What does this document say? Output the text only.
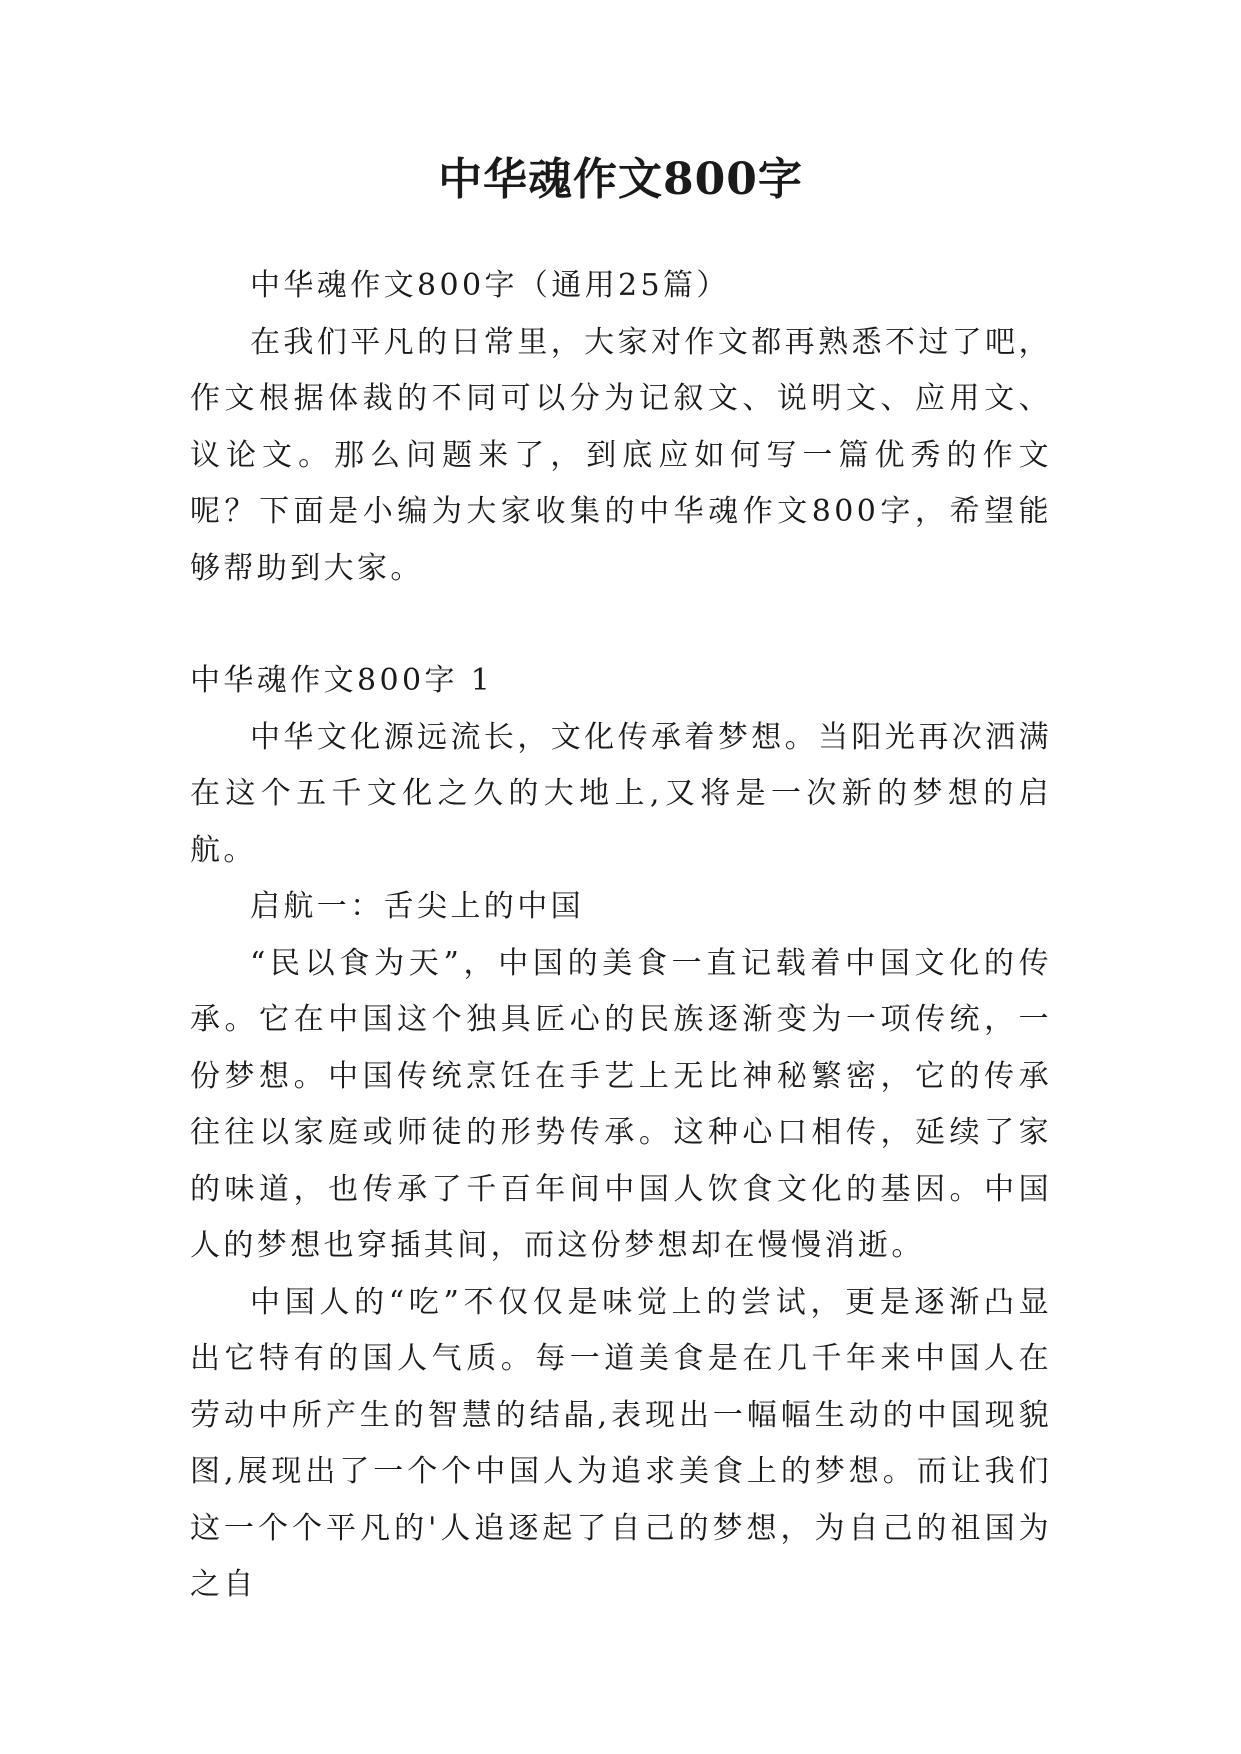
中华魂作文800字

中华魂作文800字（通用25篇）

在我们平凡的日常里，大家对作文都再熟悉不过了吧，作文根据体裁的不同可以分为记叙文、说明文、应用文、议论文。那么问题来了，到底应如何写一篇优秀的作文呢？下面是小编为大家收集的中华魂作文800字，希望能够帮助到大家。

中华魂作文800字 1

中华文化源远流长，文化传承着梦想。当阳光再次洒满在这个五千文化之久的大地上,又将是一次新的梦想的启航。

启航一：舌尖上的中国

“民以食为天”，中国的美食一直记载着中国文化的传承。它在中国这个独具匠心的民族逐渐变为一项传统，一份梦想。中国传统烹饪在手艺上无比神秘繁密，它的传承往往以家庭或师徒的形势传承。这种心口相传，延续了家的味道，也传承了千百年间中国人饮食文化的基因。中国人的梦想也穿插其间，而这份梦想却在慢慢消逝。

中国人的“吃”不仅仅是味觉上的尝试，更是逐渐凸显出它特有的国人气质。每一道美食是在几千年来中国人在劳动中所产生的智慧的结晶,表现出一幅幅生动的中国现貌图,展现出了一个个中国人为追求美食上的梦想。而让我们这一个个平凡的'人追逐起了自己的梦想，为自己的祖国为之自
